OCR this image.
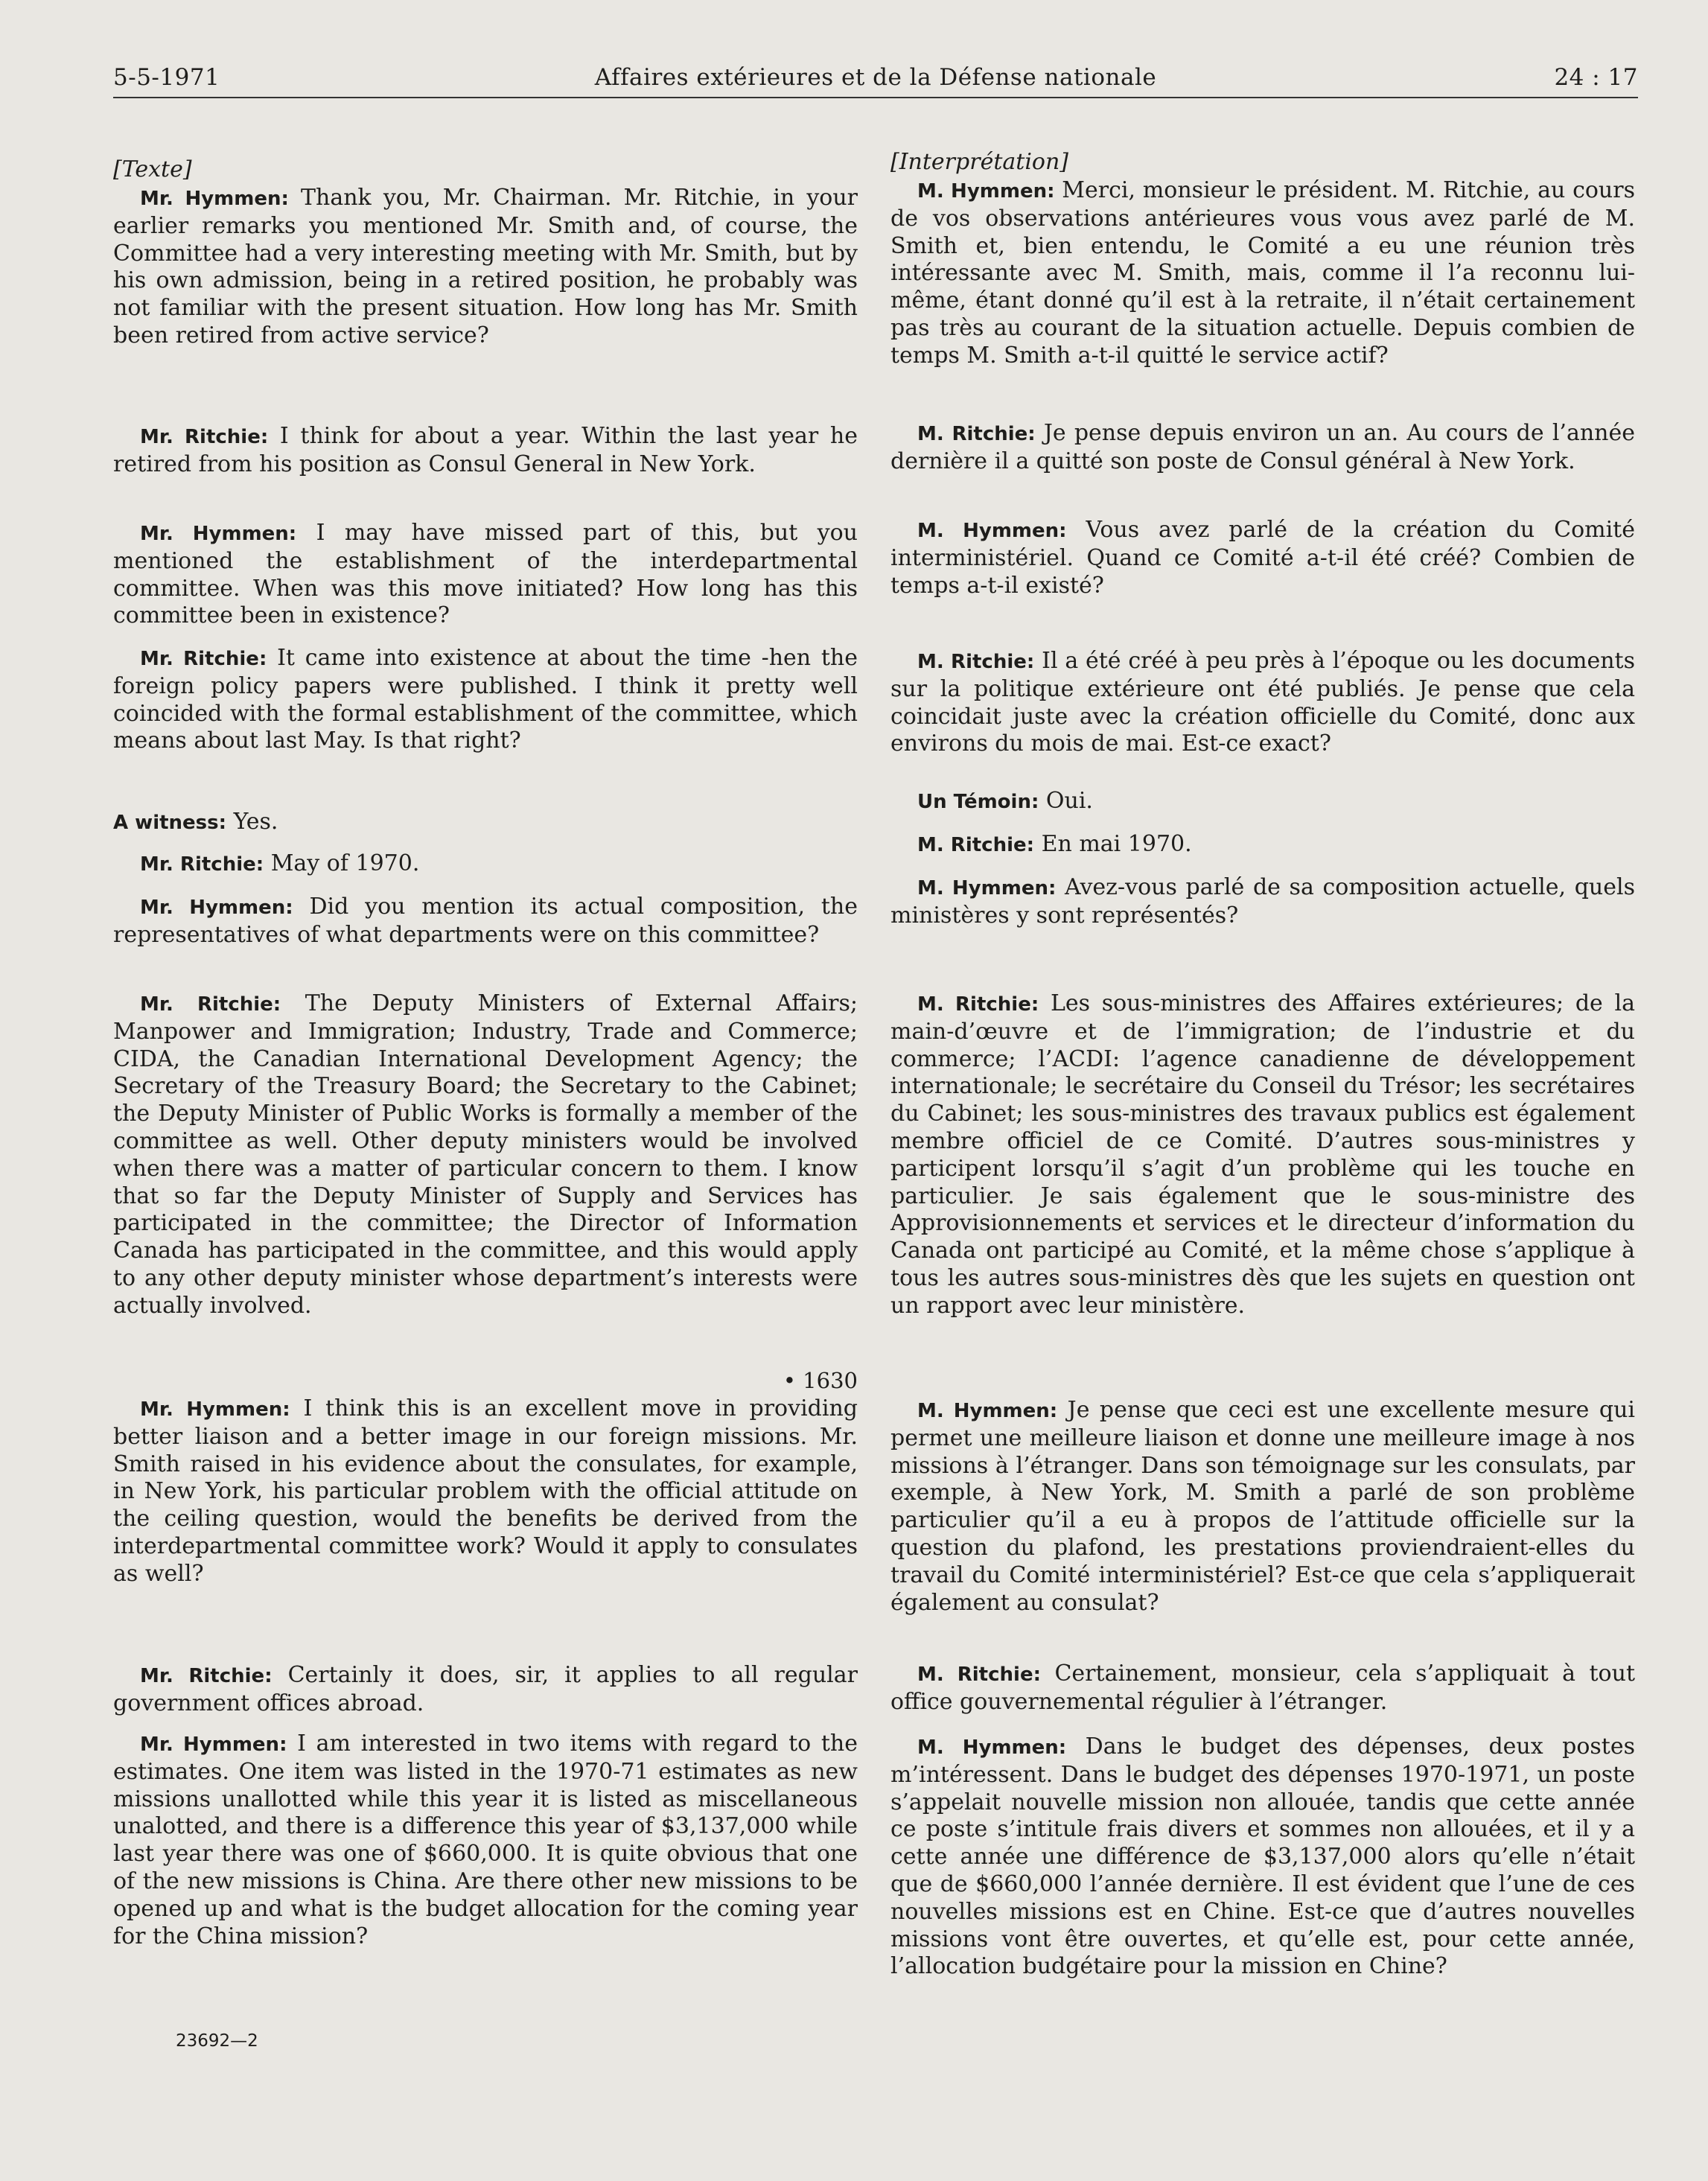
5-5-1971	Affaires extérieures et de la Défense nationale	24 : 17

[Texte]

Mr. Hymmen: Thank you, Mr. Chairman. Mr. Ritchie, in your earlier remarks you mentioned Mr. Smith and, of course, the Committee had a very interesting meeting with Mr. Smith, but by his own admission, being in a retired position, he probably was not familiar with the present situation. How long has Mr. Smith been retired from active service?

Mr. Ritchie: I think for about a year. Within the last year he retired from his position as Consul General in New York.

Mr. Hymmen: I may have missed part of this, but you mentioned the establishment of the interdepartmental committee. When was this move initiated? How long has this committee been in existence?

Mr. Ritchie: It came into existence at about the time -hen the foreign policy papers were published. I think it pretty well coincided with the formal establishment of the committee, which means about last May. Is that right?

A witness: Yes.

Mr. Ritchie: May of 1970.

Mr. Hymmen: Did you mention its actual composition, the representatives of what departments were on this committee?

Mr. Ritchie: The Deputy Ministers of External Affairs; Manpower and Immigration; Industry, Trade and Commerce; CIDA, the Canadian International Development Agency; the Secretary of the Treasury Board; the Secretary to the Cabinet; the Deputy Minister of Public Works is formally a member of the committee as well. Other deputy ministers would be involved when there was a matter of particular concern to them. I know that so far the Deputy Minister of Supply and Services has participated in the committee; the Director of Information Canada has participated in the committee, and this would apply to any other deputy minister whose department’s interests were actually involved.

• 1630

Mr. Hymmen: I think this is an excellent move in providing better liaison and a better image in our foreign missions. Mr. Smith raised in his evidence about the consulates, for example, in New York, his particular problem with the official attitude on the ceiling question, would the benefits be derived from the interdepartmental committee work? Would it apply to consulates as well?

Mr. Ritchie: Certainly it does, sir, it applies to all regular government offices abroad.

Mr. Hymmen: I am interested in two items with regard to the estimates. One item was listed in the 1970-71 estimates as new missions unallotted while this year it is listed as miscellaneous unalotted, and there is a difference this year of $3,137,000 while last year there was one of $660,000. It is quite obvious that one of the new missions is China. Are there other new missions to be opened up and what is the budget allocation for the coming year for the China mission?

[Interprétation]

M. Hymmen: Merci, monsieur le président. M. Ritchie, au cours de vos observations antérieures vous vous avez parlé de M. Smith et, bien entendu, le Comité a eu une réunion très intéressante avec M. Smith, mais, comme il l’a reconnu lui-même, étant donné qu’il est à la retraite, il n’était certainement pas très au courant de la situation actuelle. Depuis combien de temps M. Smith a-t-il quitté le service actif?

M. Ritchie: Je pense depuis environ un an. Au cours de l’année dernière il a quitté son poste de Consul général à New York.

M. Hymmen: Vous avez parlé de la création du Comité interministériel. Quand ce Comité a-t-il été créé? Combien de temps a-t-il existé?

M. Ritchie: Il a été créé à peu près à l’époque ou les documents sur la politique extérieure ont été publiés. Je pense que cela coincidait juste avec la création officielle du Comité, donc aux environs du mois de mai. Est-ce exact?

Un Témoin: Oui.

M. Ritchie: En mai 1970.

M. Hymmen: Avez-vous parlé de sa composition actuelle, quels ministères y sont représentés?

M. Ritchie: Les sous-ministres des Affaires extérieures; de la main-d’œuvre et de l’immigration; de l’industrie et du commerce; l’ACDI: l’agence canadienne de développement internationale; le secrétaire du Conseil du Trésor; les secrétaires du Cabinet; les sous-ministres des travaux publics est également membre officiel de ce Comité. D’autres sous-ministres y participent lorsqu’il s’agit d’un problème qui les touche en particulier. Je sais également que le sous-ministre des Approvisionnements et services et le directeur d’information du Canada ont participé au Comité, et la même chose s’applique à tous les autres sous-ministres dès que les sujets en question ont un rapport avec leur ministère.

M. Hymmen: Je pense que ceci est une excellente mesure qui permet une meilleure liaison et donne une meilleure image à nos missions à l’étranger. Dans son témoignage sur les consulats, par exemple, à New York, M. Smith a parlé de son problème particulier qu’il a eu à propos de l’attitude officielle sur la question du plafond, les prestations proviendraient-elles du travail du Comité interministériel? Est-ce que cela s’appliquerait également au consulat?

M. Ritchie: Certainement, monsieur, cela s’appliquait à tout office gouvernemental régulier à l’étranger.

M. Hymmen: Dans le budget des dépenses, deux postes m’intéressent. Dans le budget des dépenses 1970-1971, un poste s’appelait nouvelle mission non allouée, tandis que cette année ce poste s’intitule frais divers et sommes non allouées, et il y a cette année une différence de $3,137,000 alors qu’elle n’était que de $660,000 l’année dernière. Il est évident que l’une de ces nouvelles missions est en Chine. Est-ce que d’autres nouvelles missions vont être ouvertes, et qu’elle est, pour cette année, l’allocation budgétaire pour la mission en Chine?

23692—2
